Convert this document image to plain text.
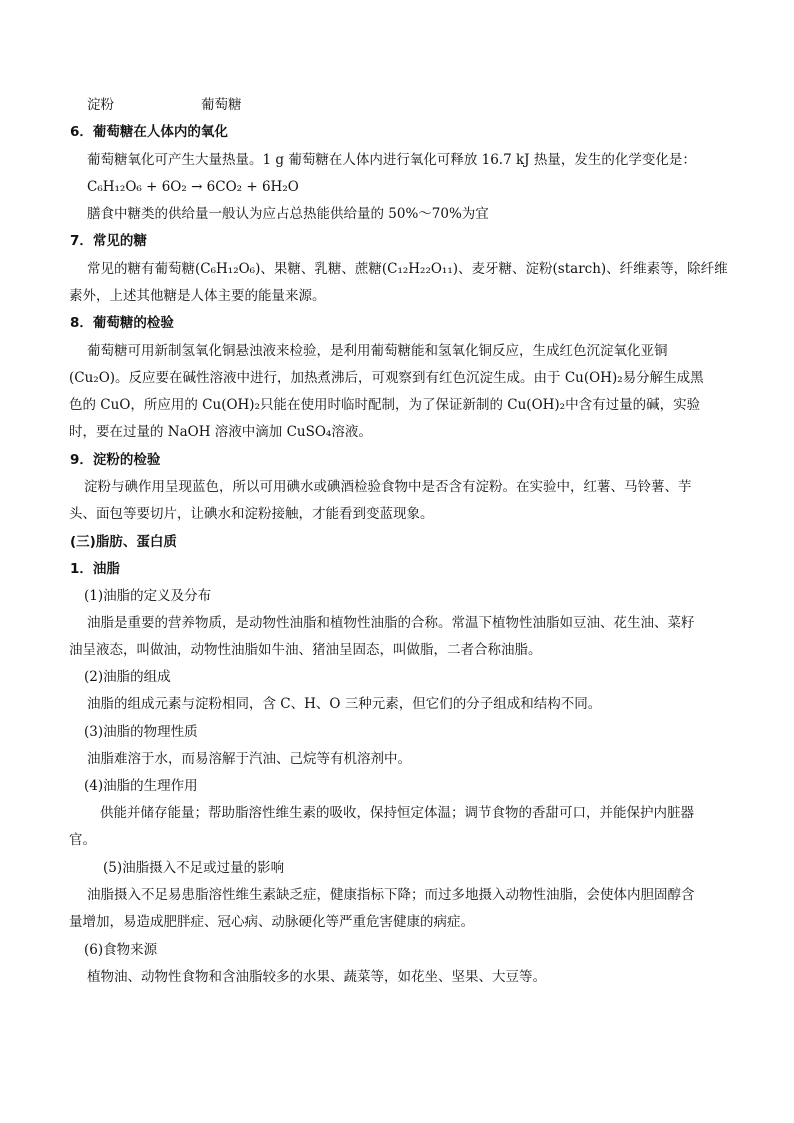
淀粉	葡萄糖
6．葡萄糖在人体内的氧化
葡萄糖氧化可产生大量热量。1 g 葡萄糖在人体内进行氧化可释放 16.7 kJ 热量，发生的化学变化是：
C₆H₁₂O₆ + 6O₂ → 6CO₂ + 6H₂O
膳食中糖类的供给量一般认为应占总热能供给量的 50%～70%为宜
7．常见的糖
常见的糖有葡萄糖(C₆H₁₂O₆)、果糖、乳糖、蔗糖(C₁₂H₂₂O₁₁)、麦牙糖、淀粉(starch)、纤维素等，除纤维
素外，上述其他糖是人体主要的能量来源。
8．葡萄糖的检验
葡萄糖可用新制氢氧化铜悬浊液来检验，是利用葡萄糖能和氢氧化铜反应，生成红色沉淀氧化亚铜
(Cu₂O)。反应要在碱性溶液中进行，加热煮沸后，可观察到有红色沉淀生成。由于 Cu(OH)₂易分解生成黑
色的 CuO，所应用的 Cu(OH)₂只能在使用时临时配制，为了保证新制的 Cu(OH)₂中含有过量的碱，实验
时，要在过量的 NaOH 溶液中滴加 CuSO₄溶液。
9．淀粉的检验
淀粉与碘作用呈现蓝色，所以可用碘水或碘酒检验食物中是否含有淀粉。在实验中，红薯、马铃薯、芋
头、面包等要切片，让碘水和淀粉接触，才能看到变蓝现象。
(三)脂肪、蛋白质
1．油脂
(1)油脂的定义及分布
油脂是重要的营养物质，是动物性油脂和植物性油脂的合称。常温下植物性油脂如豆油、花生油、菜籽
油呈液态，叫做油，动物性油脂如牛油、猪油呈固态，叫做脂，二者合称油脂。
(2)油脂的组成
油脂的组成元素与淀粉相同，含 C、H、O 三种元素，但它们的分子组成和结构不同。
(3)油脂的物理性质
油脂难溶于水，而易溶解于汽油、己烷等有机溶剂中。
(4)油脂的生理作用
供能并储存能量；帮助脂溶性维生素的吸收，保持恒定体温；调节食物的香甜可口，并能保护内脏器
官。
(5)油脂摄入不足或过量的影响
油脂摄入不足易患脂溶性维生素缺乏症，健康指标下降；而过多地摄入动物性油脂，会使体内胆固醇含
量增加，易造成肥胖症、冠心病、动脉硬化等严重危害健康的病症。
(6)食物来源
植物油、动物性食物和含油脂较多的水果、蔬菜等，如花坐、坚果、大豆等。
